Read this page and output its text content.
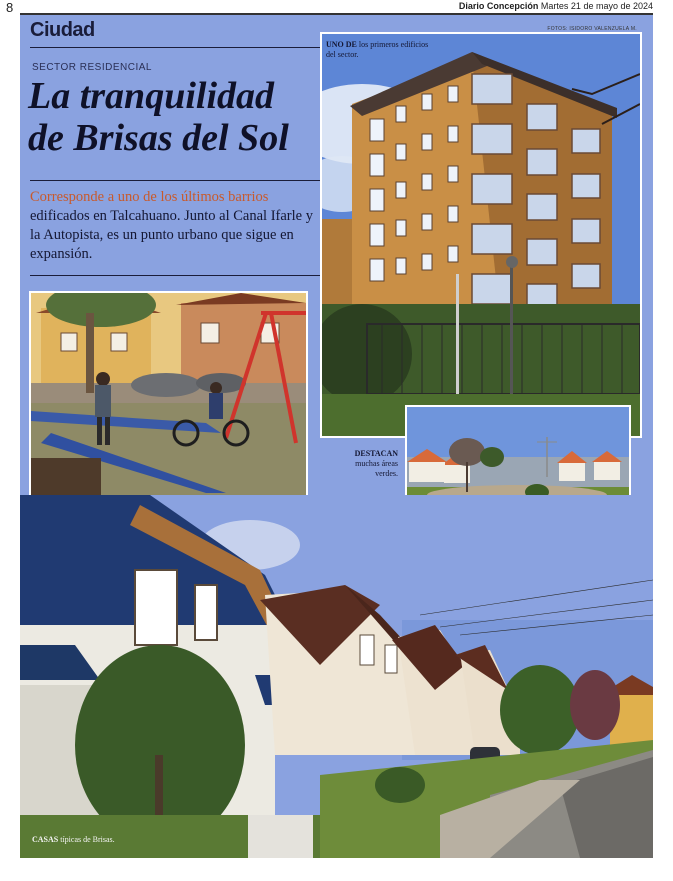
8	Diario Concepción Martes 21 de mayo de 2024
Ciudad
SECTOR RESIDENCIAL
La tranquilidad
de Brisas del Sol
Corresponde a uno de los últimos barrios edificados en Talcahuano. Junto al Canal Ifarle y la Autopista, es un punto urbano que sigue en expansión.
FOTOS: ISIDORO VALENZUELA M.
UNO DE los primeros edificios del sector.
DESTACAN muchas áreas verdes.
CASAS típicas de Brisas.
